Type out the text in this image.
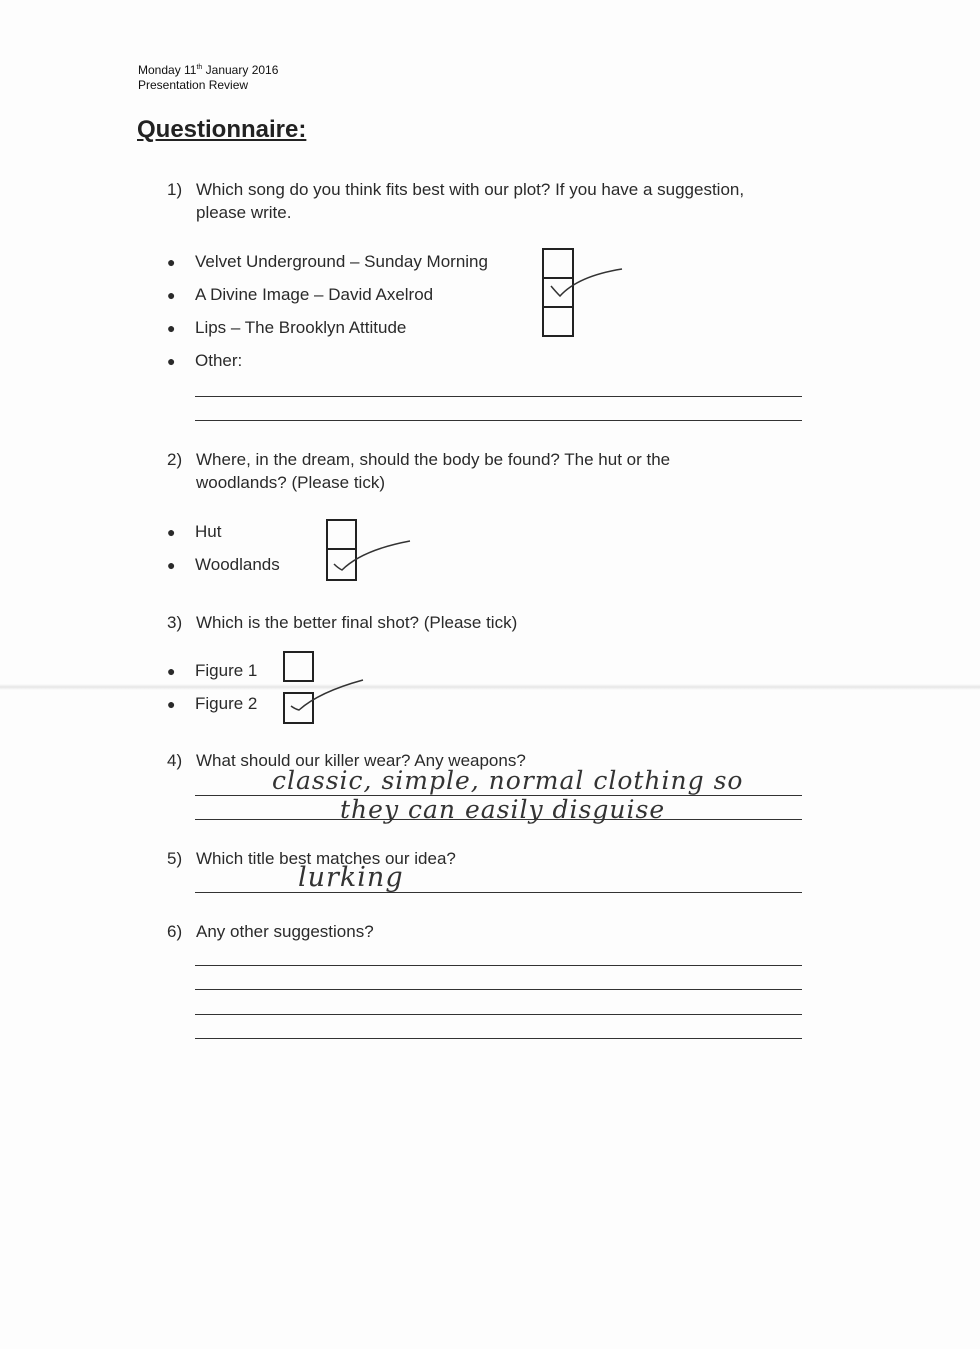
Monday 11th January 2016
Presentation Review
Questionnaire:
1) Which song do you think fits best with our plot? If you have a suggestion,
please write.
● Velvet Underground – Sunday Morning
● A Divine Image – David Axelrod
● Lips – The Brooklyn Attitude
● Other:
2) Where, in the dream, should the body be found? The hut or the
woodlands? (Please tick)
● Hut
● Woodlands
3) Which is the better final shot? (Please tick)
● Figure 1
● Figure 2
4) What should our killer wear? Any weapons?
classic, simple, normal clothing so
they can easily disguise
5) Which title best matches our idea?
lurking
6) Any other suggestions?
